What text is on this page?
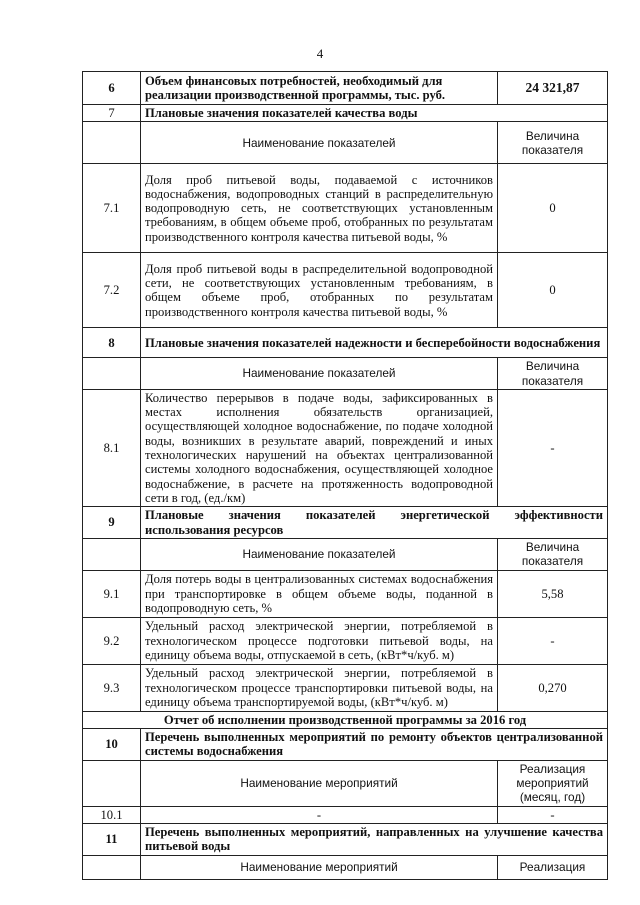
4
6	Объем финансовых потребностей, необходимый для реализации производственной программы, тыс. руб.	24 321,87
7	Плановые значения показателей качества воды	
	Наименование показателей	Величина показателя
7.1	Доля проб питьевой воды, подаваемой с источников водоснабжения, водопроводных станций в распределительную водопроводную сеть, не соответствующих установленным требованиям, в общем объеме проб, отобранных по результатам производственного контроля качества питьевой воды, %	0
7.2	Доля проб питьевой воды в распределительной водопроводной сети, не соответствующих установленным требованиям, в общем объеме проб, отобранных по результатам производственного контроля качества питьевой воды, %	0
8	Плановые значения показателей надежности и бесперебойности водоснабжения	
	Наименование показателей	Величина показателя
8.1	Количество перерывов в подаче воды, зафиксированных в местах исполнения обязательств организацией, осуществляющей холодное водоснабжение, по подаче холодной воды, возникших в результате аварий, повреждений и иных технологических нарушений на объектах централизованной системы холодного водоснабжения, осуществляющей холодное водоснабжение, в расчете на протяженность водопроводной сети в год, (ед./км)	-
9	Плановые значения показателей энергетической эффективности использования ресурсов	
	Наименование показателей	Величина показателя
9.1	Доля потерь воды в централизованных системах водоснабжения при транспортировке в общем объеме воды, поданной в водопроводную сеть, %	5,58
9.2	Удельный расход электрической энергии, потребляемой в технологическом процессе подготовки питьевой воды, на единицу объема воды, отпускаемой в сеть, (кВт*ч/куб. м)	-
9.3	Удельный расход электрической энергии, потребляемой в технологическом процессе транспортировки питьевой воды, на единицу объема транспортируемой воды, (кВт*ч/куб. м)	0,270
Отчет об исполнении производственной программы за 2016 год		
10	Перечень выполненных мероприятий по ремонту объектов централизованной системы водоснабжения	
	Наименование мероприятий	Реализация мероприятий (месяц, год)
10.1	-	-
11	Перечень выполненных мероприятий, направленных на улучшение качества питьевой воды	
	Наименование мероприятий	Реализация
